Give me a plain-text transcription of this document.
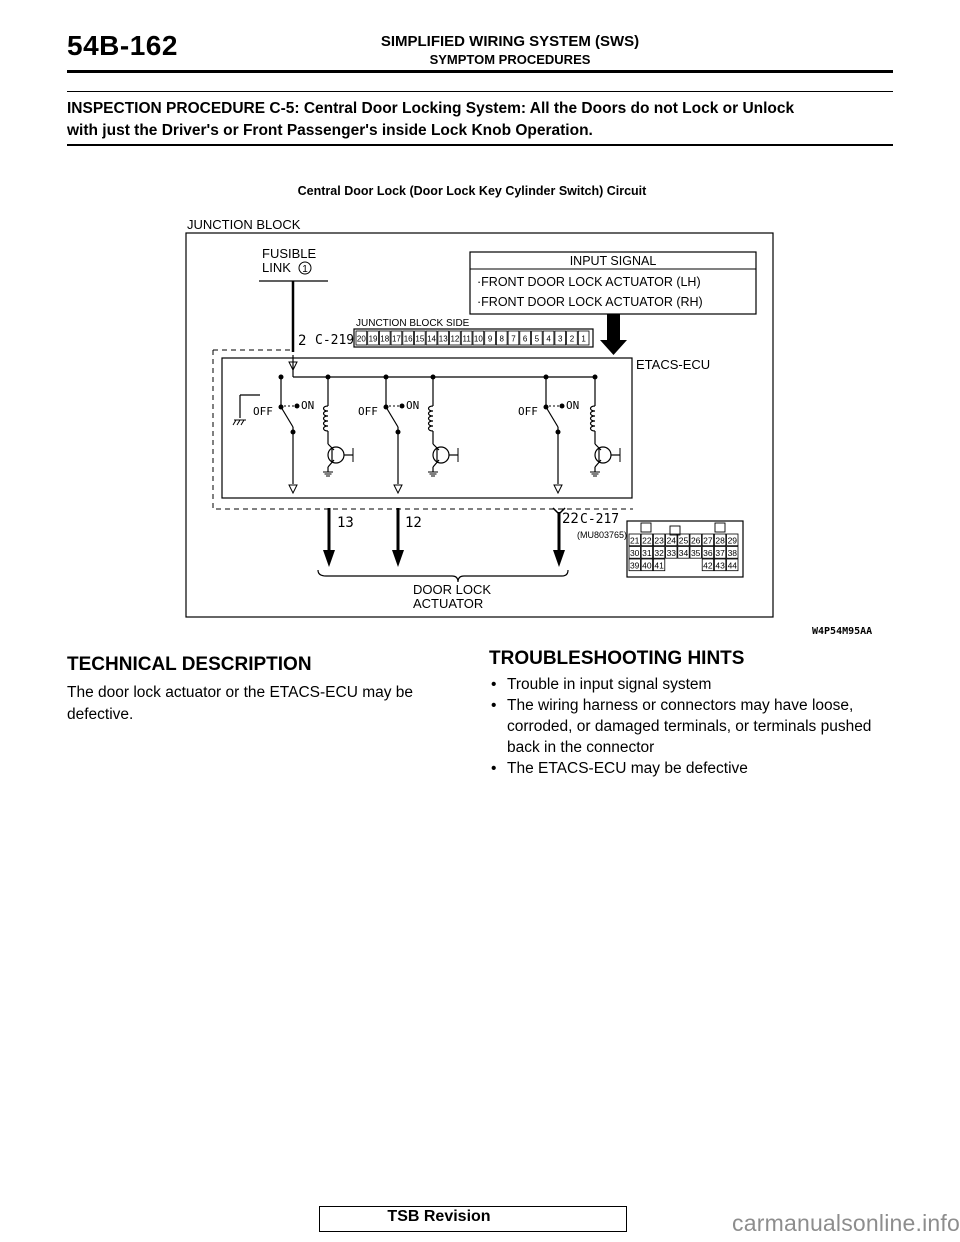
54B-162	SIMPLIFIED WIRING SYSTEM (SWS)
SYMPTOM PROCEDURES
INSPECTION PROCEDURE C-5: Central Door Locking System: All the Doors do not Lock or Unlock
with just the Driver's or Front Passenger's inside Lock Knob Operation.
Central Door Lock (Door Lock Key Cylinder Switch) Circuit
JUNCTION BLOCK
FUSIBLE
LINK 1
INPUT SIGNAL
·FRONT DOOR LOCK ACTUATOR (LH)
·FRONT DOOR LOCK ACTUATOR (RH)
JUNCTION BLOCK SIDE
2 C-219 20 19 18 17 16 15 14 13 12 11 10 9 8 7 6 5 4 3 2 1
ETACS-ECU
OFF	ON	OFF	ON	OFF	ON
13	12	22 C-217
(MU803765)
DOOR LOCK
ACTUATOR
21 22 23 24 25 26 27 28 29
30 31 32 33 34 35 36 37 38
39 40 41	42 43 44
W4P54M95AA
TECHNICAL DESCRIPTION
The door lock actuator or the ETACS-ECU may be defective.
TROUBLESHOOTING HINTS
• Trouble in input signal system
• The wiring harness or connectors may have loose, corroded, or damaged terminals, or terminals pushed back in the connector
• The ETACS-ECU may be defective
TSB Revision	carmanualsonline.info
